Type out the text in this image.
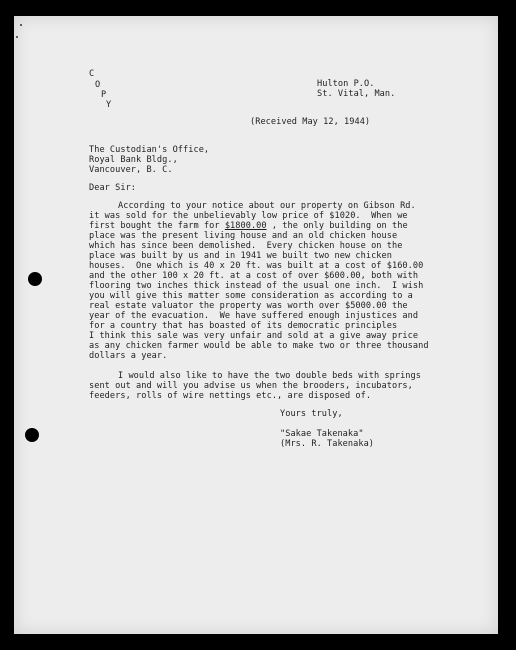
C
O
P
Y
Hulton P.O.
St. Vital, Man.
(Received May 12, 1944)
The Custodian's Office,
Royal Bank Bldg.,
Vancouver, B. C.
Dear Sir:
According to your notice about our property on Gibson Rd.
it was sold for the unbelievably low price of $1020.  When we
first bought the farm for $1800.00 , the only building on the
place was the present living house and an old chicken house
which has since been demolished.  Every chicken house on the
place was built by us and in 1941 we built two new chicken
houses.  One which is 40 x 20 ft. was built at a cost of $160.00
and the other 100 x 20 ft. at a cost of over $600.00, both with
flooring two inches thick instead of the usual one inch.  I wish
you will give this matter some consideration as according to a
real estate valuator the property was worth over $5000.00 the
year of the evacuation.  We have suffered enough injustices and
for a country that has boasted of its democratic principles
I think this sale was very unfair and sold at a give away price
as any chicken farmer would be able to make two or three thousand
dollars a year.
I would also like to have the two double beds with springs
sent out and will you advise us when the brooders, incubators,
feeders, rolls of wire nettings etc., are disposed of.
Yours truly,
"Sakae Takenaka"
(Mrs. R. Takenaka)
